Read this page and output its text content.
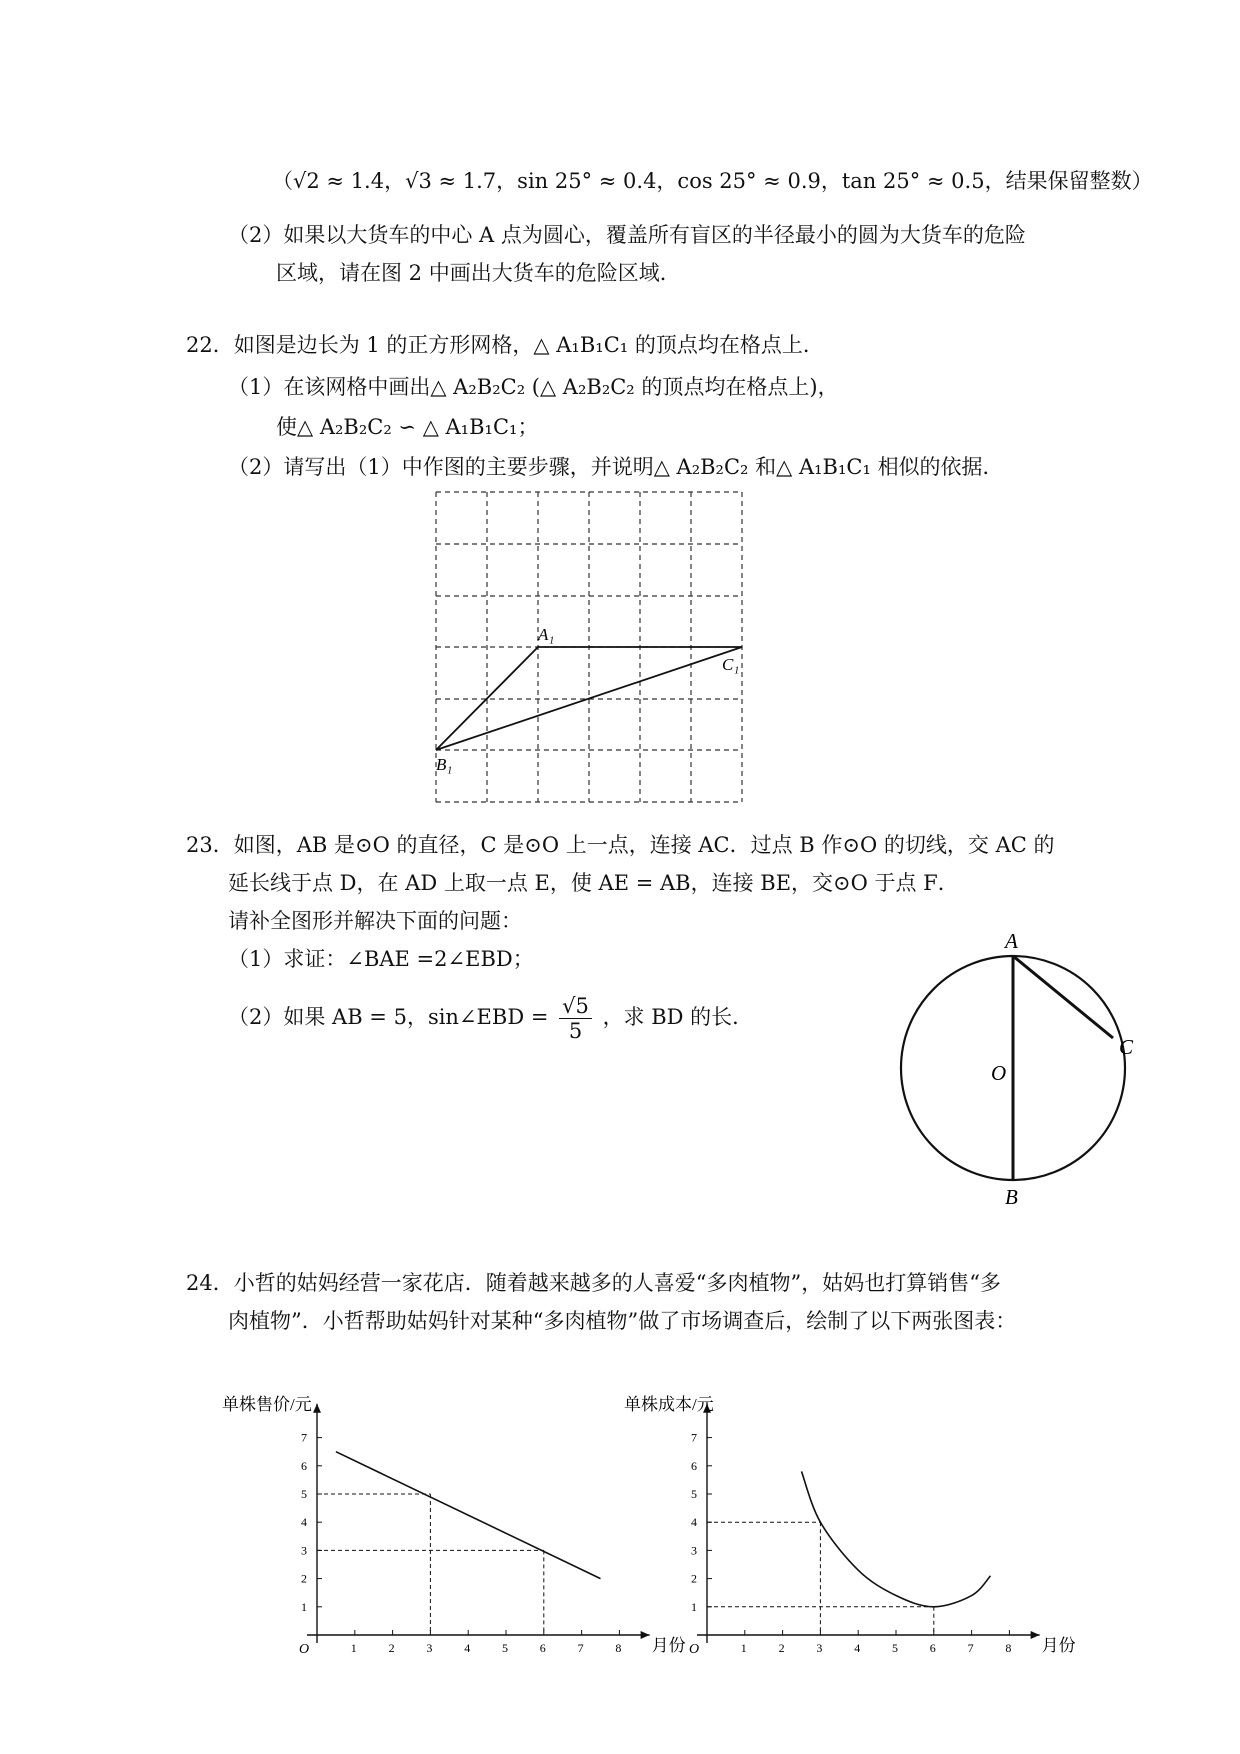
（√2 ≈ 1.4，√3 ≈ 1.7，sin 25° ≈ 0.4，cos 25° ≈ 0.9，tan 25° ≈ 0.5，结果保留整数）
（2）如果以大货车的中心 A 点为圆心，覆盖所有盲区的半径最小的圆为大货车的危险
区域，请在图 2 中画出大货车的危险区域．
22．如图是边长为 1 的正方形网格，△ A₁B₁C₁ 的顶点均在格点上．
（1）在该网格中画出△ A₂B₂C₂ (△ A₂B₂C₂ 的顶点均在格点上)，
使△ A₂B₂C₂ ∽ △ A₁B₁C₁；
（2）请写出（1）中作图的主要步骤，并说明△ A₂B₂C₂ 和△ A₁B₁C₁ 相似的依据．
A₁
C₁
B₁
23．如图，AB 是⊙O 的直径，C 是⊙O 上一点，连接 AC．过点 B 作⊙O 的切线，交 AC 的
延长线于点 D，在 AD 上取一点 E，使 AE = AB，连接 BE，交⊙O 于点 F．
请补全图形并解决下面的问题：
（1）求证：∠BAE =2∠EBD；
（2）如果 AB = 5，sin∠EBD = $\frac{√5}{5}$ ，求 BD 的长．
A
C
O
B
24．小哲的姑妈经营一家花店．随着越来越多的人喜爱“多肉植物”，姑妈也打算销售“多
肉植物”．小哲帮助姑妈针对某种“多肉植物”做了市场调查后，绘制了以下两张图表：
1	2	3	4	5	6	7	8
1
2
3
4
5
6
7
O
单株售价/元
月份	1	2	3	4	5	6	7	8
1
2
3
4
5
6
7
O
单株成本/元
月份
